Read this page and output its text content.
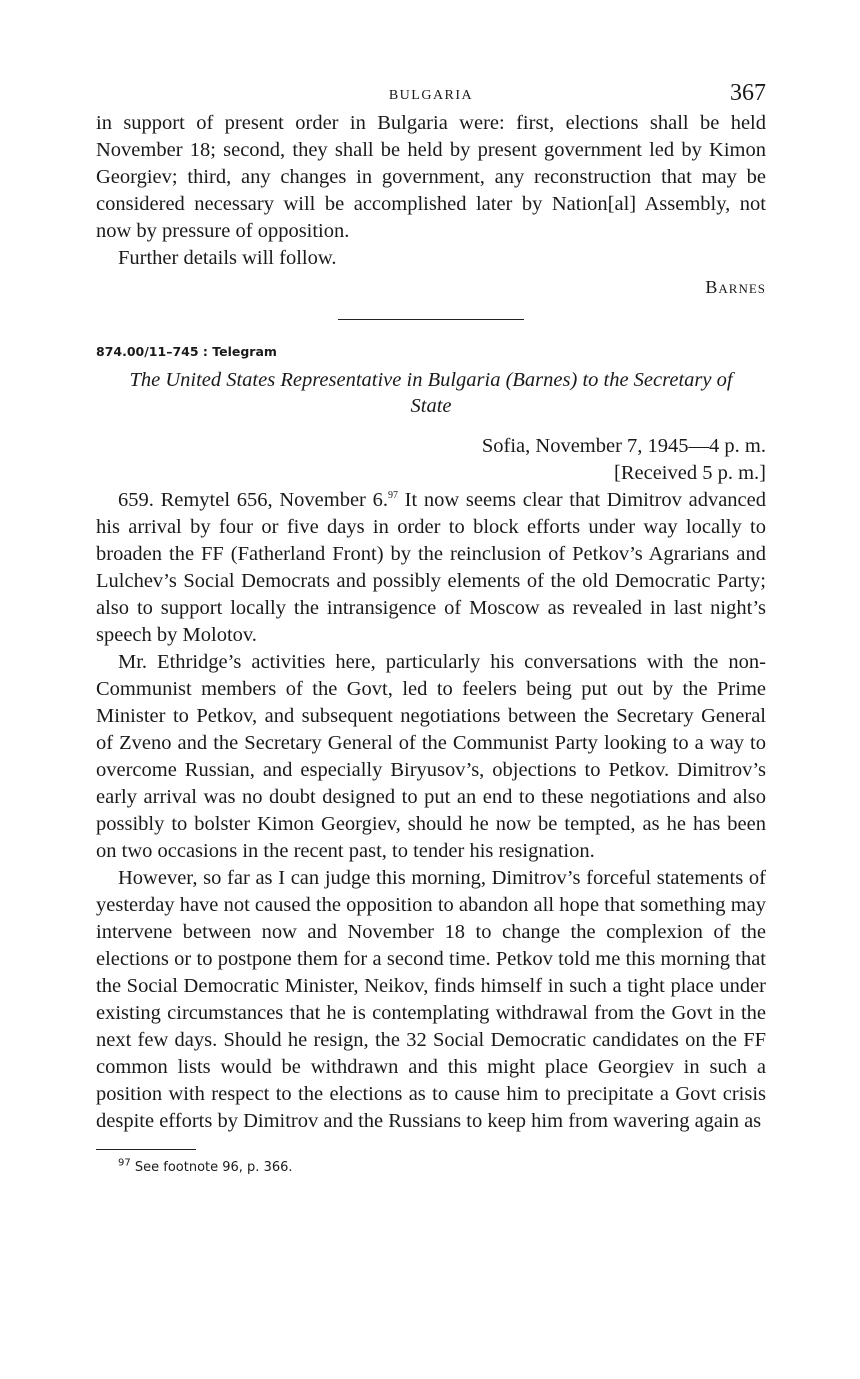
BULGARIA	367

in support of present order in Bulgaria were: first, elections shall be held November 18; second, they shall be held by present government led by Kimon Georgiev; third, any changes in government, any reconstruction that may be considered necessary will be accomplished later by Nation[al] Assembly, not now by pressure of opposition.

Further details will follow.

Barnes
874.00/11–745 : Telegram
The United States Representative in Bulgaria (Barnes) to the Secretary of State
Sofia, November 7, 1945—4 p. m.
[Received 5 p. m.]

659. Remytel 656, November 6.97 It now seems clear that Dimitrov advanced his arrival by four or five days in order to block efforts under way locally to broaden the FF (Fatherland Front) by the reinclusion of Petkov’s Agrarians and Lulchev’s Social Democrats and possibly elements of the old Democratic Party; also to support locally the intransigence of Moscow as revealed in last night’s speech by Molotov.

Mr. Ethridge’s activities here, particularly his conversations with the non-Communist members of the Govt, led to feelers being put out by the Prime Minister to Petkov, and subsequent negotiations between the Secretary General of Zveno and the Secretary General of the Communist Party looking to a way to overcome Russian, and especially Biryusov’s, objections to Petkov. Dimitrov’s early arrival was no doubt designed to put an end to these negotiations and also possibly to bolster Kimon Georgiev, should he now be tempted, as he has been on two occasions in the recent past, to tender his resignation.

However, so far as I can judge this morning, Dimitrov’s forceful statements of yesterday have not caused the opposition to abandon all hope that something may intervene between now and November 18 to change the complexion of the elections or to postpone them for a second time. Petkov told me this morning that the Social Democratic Minister, Neikov, finds himself in such a tight place under existing circumstances that he is contemplating withdrawal from the Govt in the next few days. Should he resign, the 32 Social Democratic candidates on the FF common lists would be withdrawn and this might place Georgiev in such a position with respect to the elections as to cause him to precipitate a Govt crisis despite efforts by Dimitrov and the Russians to keep him from wavering again as

$^{97}$ See footnote 96, p. 366.
